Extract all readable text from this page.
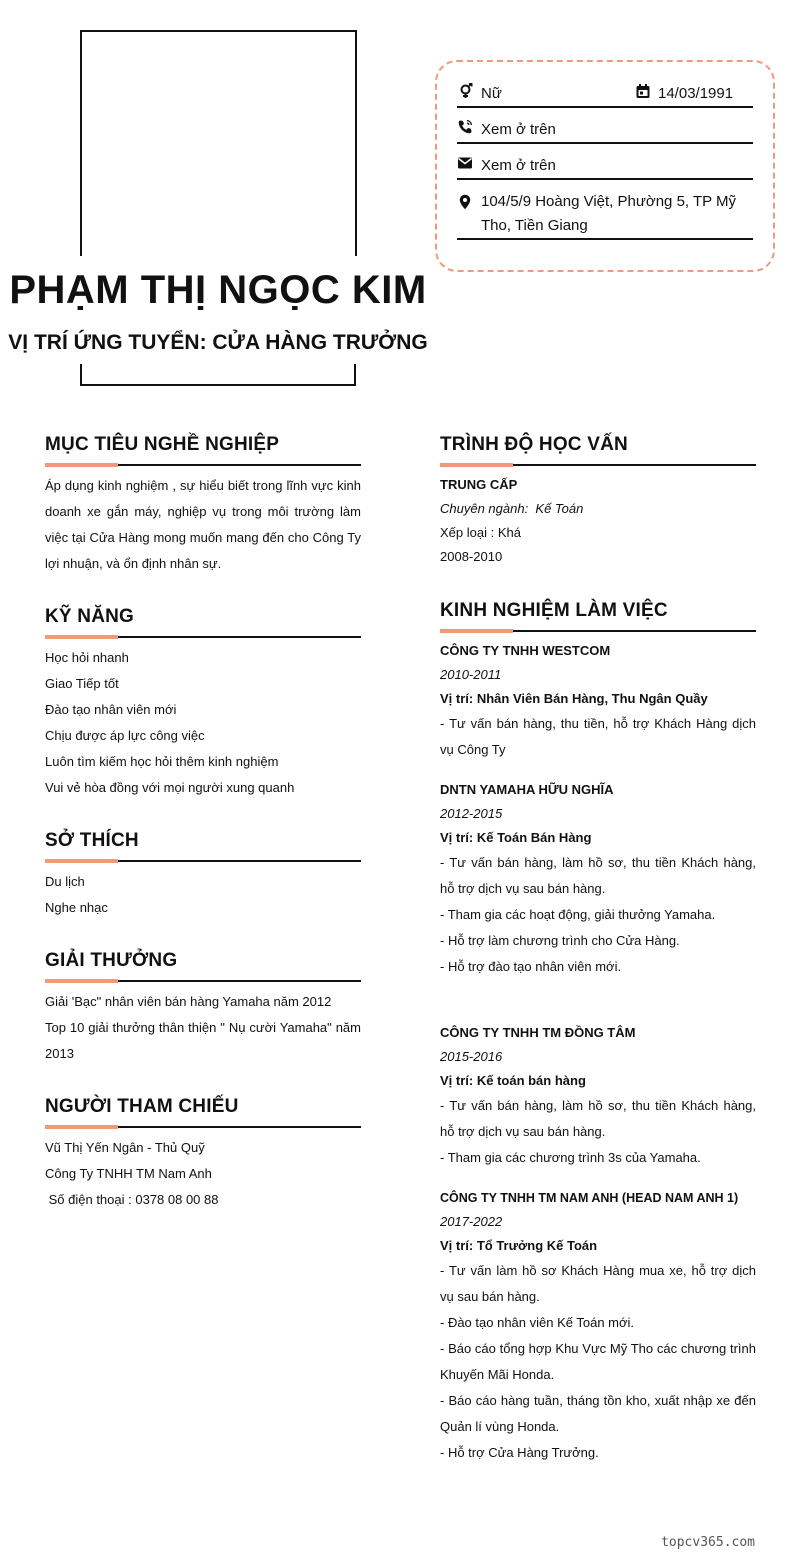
PHẠM THỊ NGỌC KIM
VỊ TRÍ ỨNG TUYỂN: CỬA HÀNG TRƯỞNG
Nữ	14/03/1991
Xem ở trên
Xem ở trên
104/5/9 Hoàng Việt, Phường 5, TP Mỹ Tho, Tiền Giang
MỤC TIÊU NGHỀ NGHIỆP
Áp dụng kinh nghiệm , sự hiểu biết trong lĩnh vực kinh doanh xe gắn máy, nghiệp vụ trong môi trường làm việc tại Cửa Hàng mong muốn mang đến cho Công Ty lợi nhuận, và ổn định nhân sự.
KỸ NĂNG
Học hỏi nhanh
Giao Tiếp tốt
Đào tạo nhân viên mới
Chịu được áp lực công việc
Luôn tìm kiếm học hỏi thêm kinh nghiệm
Vui vẻ hòa đồng với mọi người xung quanh
SỞ THÍCH
Du lịch
Nghe nhạc
GIẢI THƯỞNG
Giải 'Bạc" nhân viên bán hàng Yamaha năm 2012
Top 10 giải thưởng thân thiện " Nụ cười Yamaha" năm 2013
NGƯỜI THAM CHIẾU
Vũ Thị Yến Ngân - Thủ Quỹ
Công Ty TNHH TM Nam Anh
Số điện thoại : 0378 08 00 88
TRÌNH ĐỘ HỌC VẤN
TRUNG CẤP
Chuyên ngành:  Kế Toán
Xếp loại : Khá
2008-2010
KINH NGHIỆM LÀM VIỆC
CÔNG TY TNHH WESTCOM
2010-2011
Vị trí: Nhân Viên Bán Hàng, Thu Ngân Quầy
- Tư vấn bán hàng, thu tiền, hỗ trợ Khách Hàng dịch vụ Công Ty
DNTN YAMAHA HỮU NGHĨA
2012-2015
Vị trí: Kế Toán Bán Hàng
- Tư vấn bán hàng, làm hồ sơ, thu tiền Khách hàng, hỗ trợ dịch vụ sau bán hàng.
- Tham gia các hoạt động, giải thưởng Yamaha.
- Hỗ trợ làm chương trình cho Cửa Hàng.
- Hỗ trợ đào tạo nhân viên mới.
CÔNG TY TNHH TM ĐỒNG TÂM
2015-2016
Vị trí: Kế toán bán hàng
- Tư vấn bán hàng, làm hồ sơ, thu tiền Khách hàng, hỗ trợ dịch vụ sau bán hàng.
- Tham gia các chương trình 3s của Yamaha.
CÔNG TY TNHH TM NAM ANH (HEAD NAM ANH 1)
2017-2022
Vị trí: Tổ Trưởng Kế Toán
- Tư vấn làm hồ sơ Khách Hàng mua xe, hỗ trợ dịch vụ sau bán hàng.
- Đào tạo nhân viên Kế Toán mới.
- Báo cáo tổng hợp Khu Vực Mỹ Tho các chương trình Khuyến Mãi Honda.
- Báo cáo hàng tuần, tháng tồn kho, xuất nhập xe đến Quản lí vùng Honda.
- Hỗ trợ Cửa Hàng Trưởng.
topcv365.com
